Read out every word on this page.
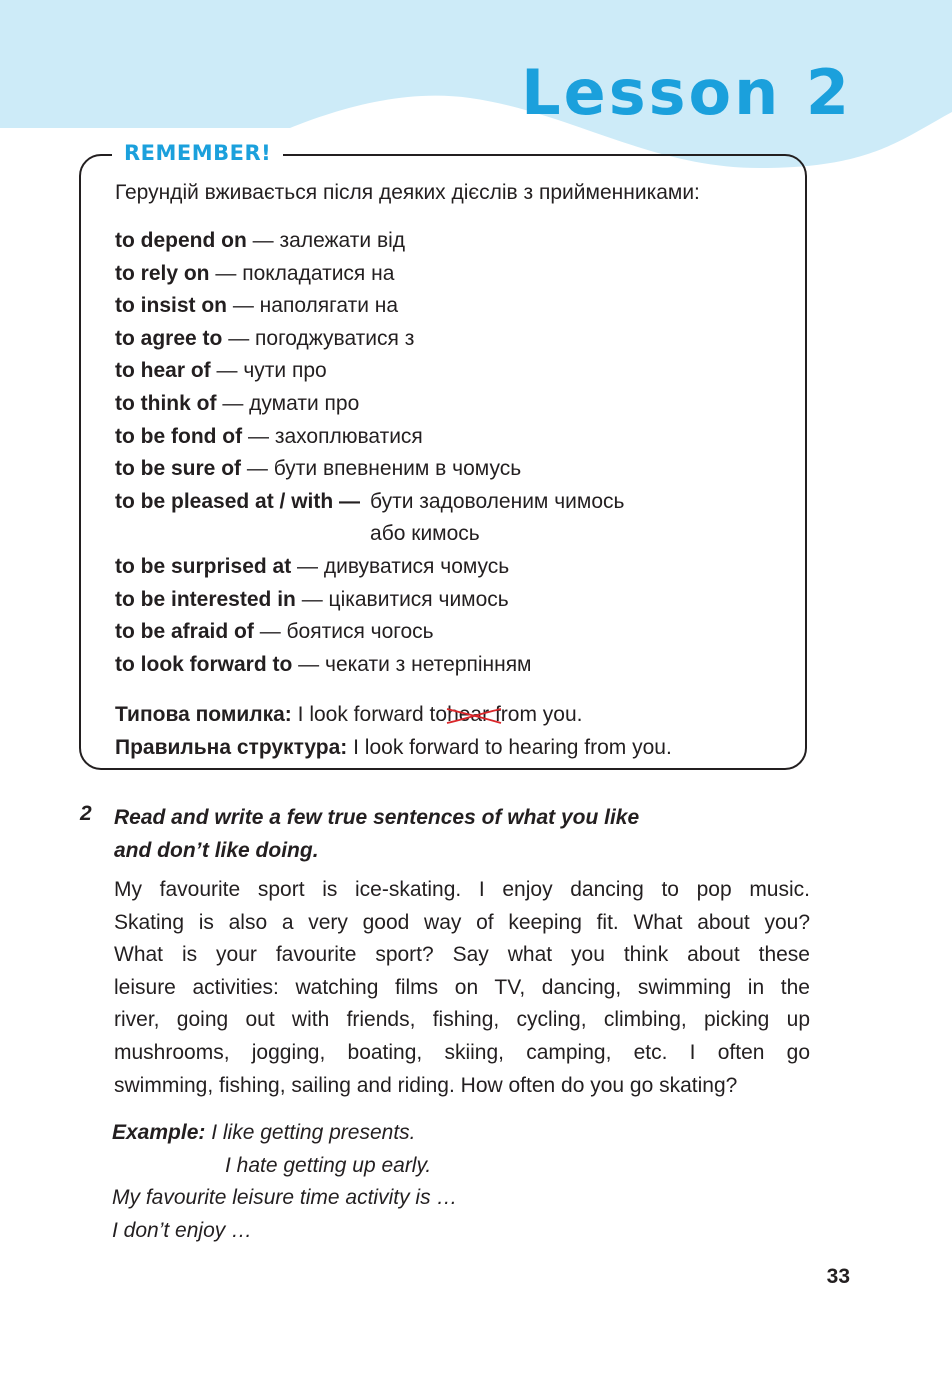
Lesson 2
REMEMBER!
Герундій вживається після деяких дієслів з прийменниками:
to depend on — залежати від
to rely on — покладатися на
to insist on — наполягати на
to agree to — погоджуватися з
to hear of — чути про
to think of — думати про
to be fond of — захоплюватися
to be sure of — бути впевненим в чомусь
to be pleased at / with — бути задоволеним чимось
або кимось
to be surprised at — дивуватися чомусь
to be interested in — цікавитися чимось
to be afraid of — боятися чогось
to look forward to — чекати з нетерпінням
Типова помилка: I look forward tohear from you.
Правильна структура: I look forward to hearing from you.
2 Read and write a few true sentences of what you like
and don’t like doing.
My favourite sport is ice-skating. I enjoy dancing to pop music.
Skating is also a very good way of keeping fit. What about you?
What is your favourite sport? Say what you think about these
leisure activities: watching films on TV, dancing, swimming in the
river, going out with friends, fishing, cycling, climbing, picking up
mushrooms, jogging, boating, skiing, camping, etc. I often go
swimming, fishing, sailing and riding. How often do you go skating?
Example: I like getting presents.
I hate getting up early.
My favourite leisure time activity is …
I don’t enjoy …
33
